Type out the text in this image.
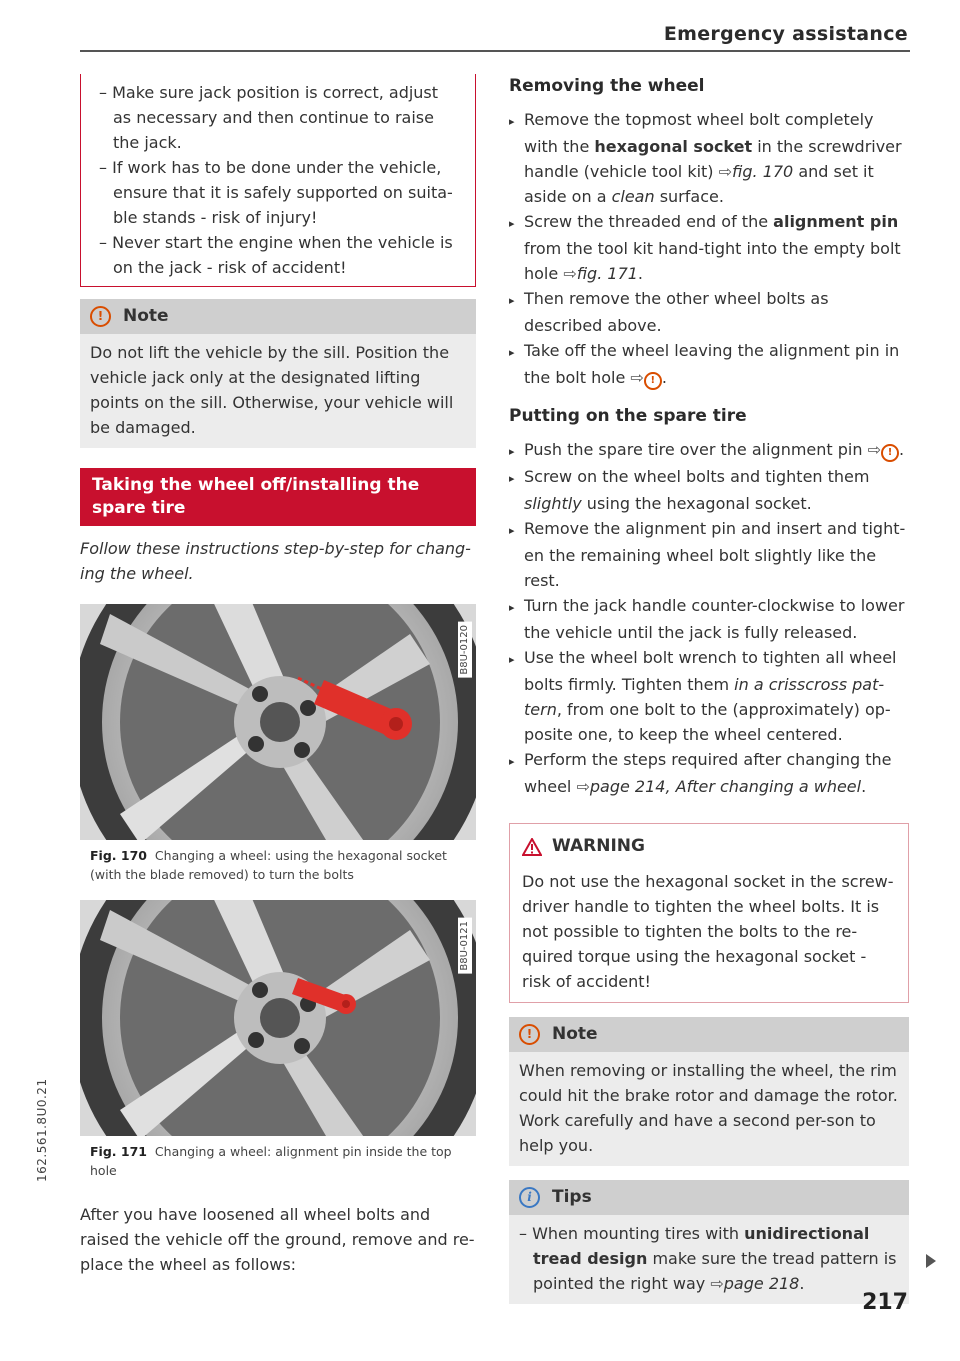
Emergency assistance
162.561.8U0.21
– Make sure jack position is correct, adjust as necessary and then continue to raise the jack.
– If work has to be done under the vehicle, ensure that it is safely supported on suita-ble stands - risk of injury!
– Never start the engine when the vehicle is on the jack - risk of accident!
!	Note
Do not lift the vehicle by the sill. Position the vehicle jack only at the designated lifting points on the sill. Otherwise, your vehicle will be damaged.
Taking the wheel off/installing the spare tire
Follow these instructions step-by-step for chang-ing the wheel.
B8U-0120
Fig. 170 Changing a wheel: using the hexagonal socket (with the blade removed) to turn the bolts
B8U-0121
Fig. 171 Changing a wheel: alignment pin inside the top hole
After you have loosened all wheel bolts and raised the vehicle off the ground, remove and re-place the wheel as follows:
Removing the wheel
▸ Remove the topmost wheel bolt completely with the hexagonal socket in the screwdriver handle (vehicle tool kit) ⇨fig. 170 and set it aside on a clean surface.
▸ Screw the threaded end of the alignment pin from the tool kit hand-tight into the empty bolt hole ⇨fig. 171.
▸ Then remove the other wheel bolts as described above.
▸ Take off the wheel leaving the alignment pin in the bolt hole ⇨ ! .
Putting on the spare tire
▸ Push the spare tire over the alignment pin ⇨ ! .
▸ Screw on the wheel bolts and tighten them slightly using the hexagonal socket.
▸ Remove the alignment pin and insert and tight-en the remaining wheel bolt slightly like the rest.
▸ Turn the jack handle counter-clockwise to lower the vehicle until the jack is fully released.
▸ Use the wheel bolt wrench to tighten all wheel bolts firmly. Tighten them in a crisscross pat-tern, from one bolt to the (approximately) op-posite one, to keep the wheel centered.
▸ Perform the steps required after changing the wheel ⇨page 214, After changing a wheel.
WARNING
Do not use the hexagonal socket in the screw-driver handle to tighten the wheel bolts. It is not possible to tighten the bolts to the re-quired torque using the hexagonal socket - risk of accident!
!	Note
When removing or installing the wheel, the rim could hit the brake rotor and damage the rotor. Work carefully and have a second per-son to help you.
i	Tips
– When mounting tires with unidirectional tread design make sure the tread pattern is pointed the right way ⇨page 218.
217
